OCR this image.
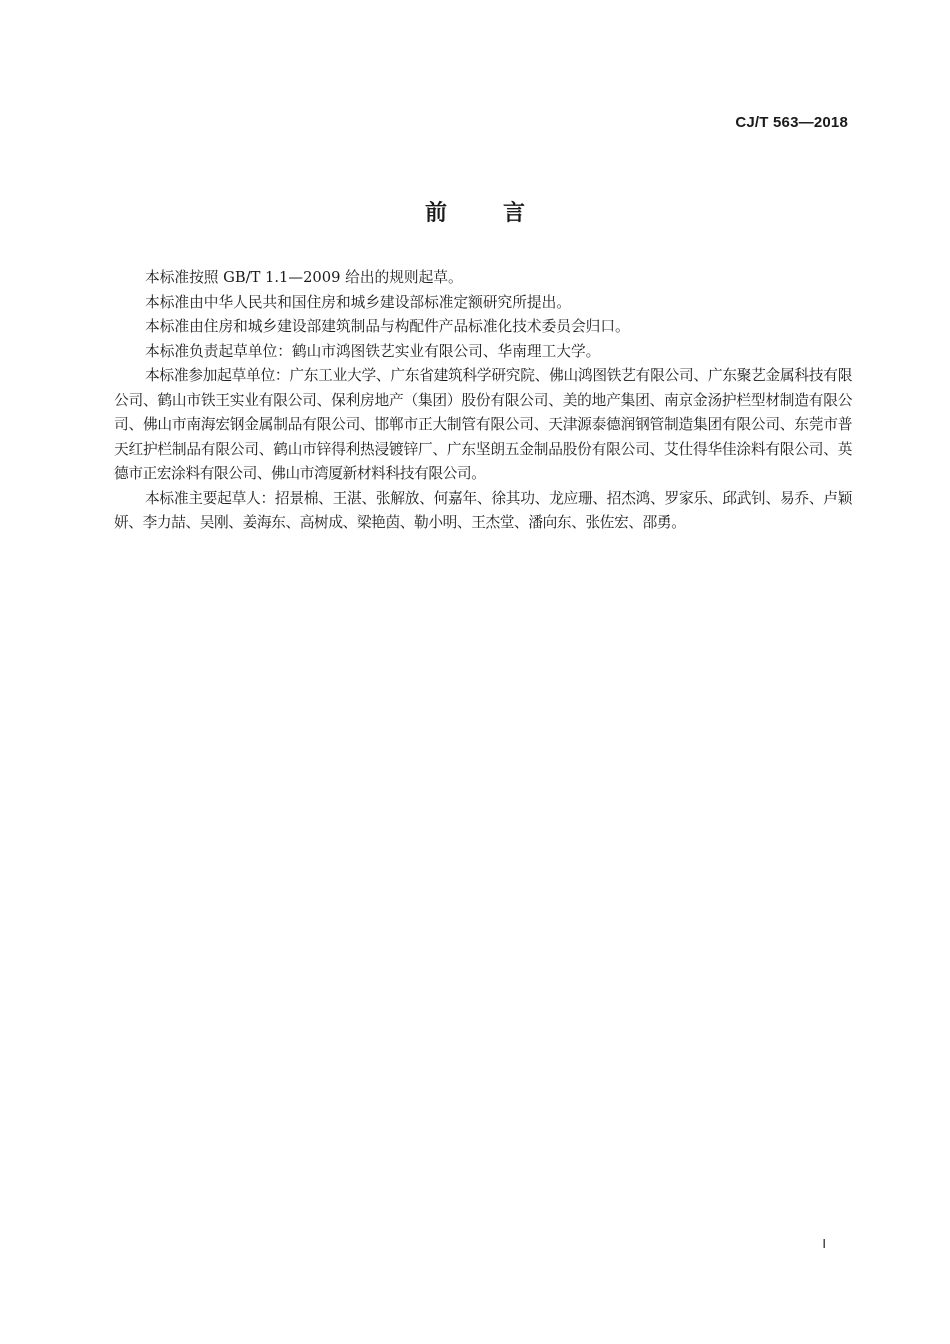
CJ/T 563—2018
前言

本标准按照 GB/T 1.1—2009 给出的规则起草。

本标准由中华人民共和国住房和城乡建设部标准定额研究所提出。

本标准由住房和城乡建设部建筑制品与构配件产品标准化技术委员会归口。

本标准负责起草单位：鹤山市鸿图铁艺实业有限公司、华南理工大学。

本标准参加起草单位：广东工业大学、广东省建筑科学研究院、佛山鸿图铁艺有限公司、广东聚艺金属科技有限公司、鹤山市铁王实业有限公司、保利房地产（集团）股份有限公司、美的地产集团、南京金汤护栏型材制造有限公司、佛山市南海宏钢金属制品有限公司、邯郸市正大制管有限公司、天津源泰德润钢管制造集团有限公司、东莞市普天红护栏制品有限公司、鹤山市锌得利热浸镀锌厂、广东坚朗五金制品股份有限公司、艾仕得华佳涂料有限公司、英德市正宏涂料有限公司、佛山市湾厦新材料科技有限公司。

本标准主要起草人：招景棉、王湛、张解放、何嘉年、徐其功、龙应珊、招杰鸿、罗家乐、邱武钊、易乔、卢颖妍、李力喆、吴刚、姜海东、高树成、梁艳茵、勒小明、王杰堂、潘向东、张佐宏、邵勇。

I
